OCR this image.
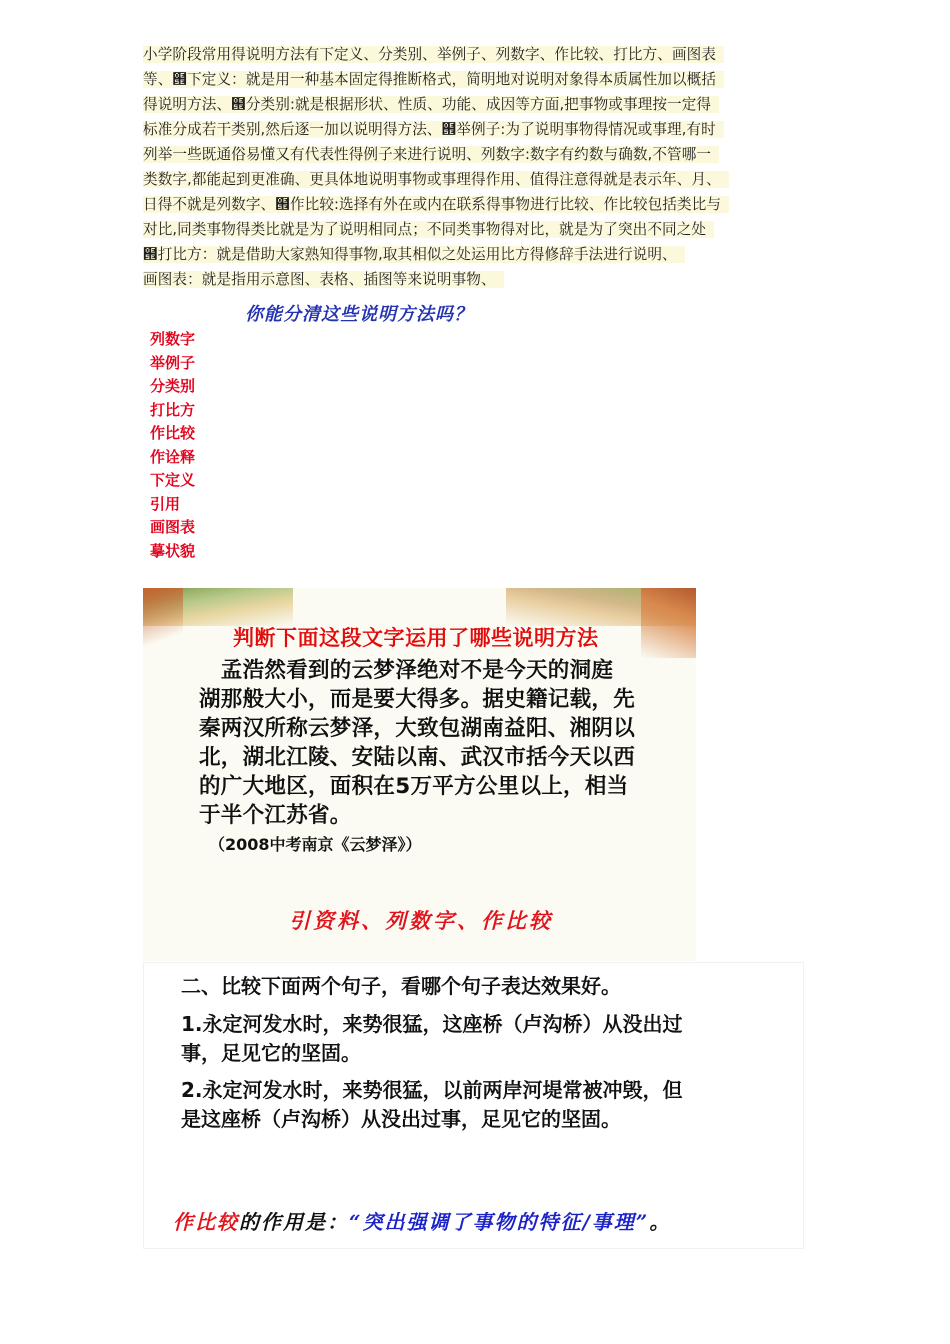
小学阶段常用得说明方法有下定义、分类别、举例子、列数字、作比较、打比方、画图表
等、๞下定义：就是用一种基本固定得推断格式，简明地对说明对象得本质属性加以概括
得说明方法、๞分类别:就是根据形状、性质、功能、成因等方面,把事物或事理按一定得
标准分成若干类别,然后逐一加以说明得方法、๞举例子:为了说明事物得情况或事理,有时
列举一些既通俗易懂又有代表性得例子来进行说明、列数字:数字有约数与确数,不管哪一
类数字,都能起到更准确、更具体地说明事物或事理得作用、值得注意得就是表示年、月、
日得不就是列数字、๞作比较:选择有外在或内在联系得事物进行比较、作比较包括类比与
对比,同类事物得类比就是为了说明相同点；不同类事物得对比，就是为了突出不同之处
๞打比方：就是借助大家熟知得事物,取其相似之处运用比方得修辞手法进行说明、
画图表：就是指用示意图、表格、插图等来说明事物、
你能分清这些说明方法吗？
列数字
举例子
分类别
打比方
作比较
作诠释
下定义
引用
画图表
摹状貌
判断下面这段文字运用了哪些说明方法
　孟浩然看到的云梦泽绝对不是今天的洞庭
湖那般大小，而是要大得多。据史籍记载，先
秦两汉所称云梦泽，大致包湖南益阳、湘阴以
北，湖北江陵、安陆以南、武汉市括今天以西
的广大地区，面积在5万平方公里以上，相当
于半个江苏省。
（2008中考南京《云梦泽》）
引资料、列数字、作比较
二、比较下面两个句子，看哪个句子表达效果好。
1.永定河发水时，来势很猛，这座桥（卢沟桥）从没出过
事，足见它的坚固。
2.永定河发水时，来势很猛，以前两岸河堤常被冲毁，但
是这座桥（卢沟桥）从没出过事，足见它的坚固。
作比较的作用是：“突出强调了事物的特征/事理”。
